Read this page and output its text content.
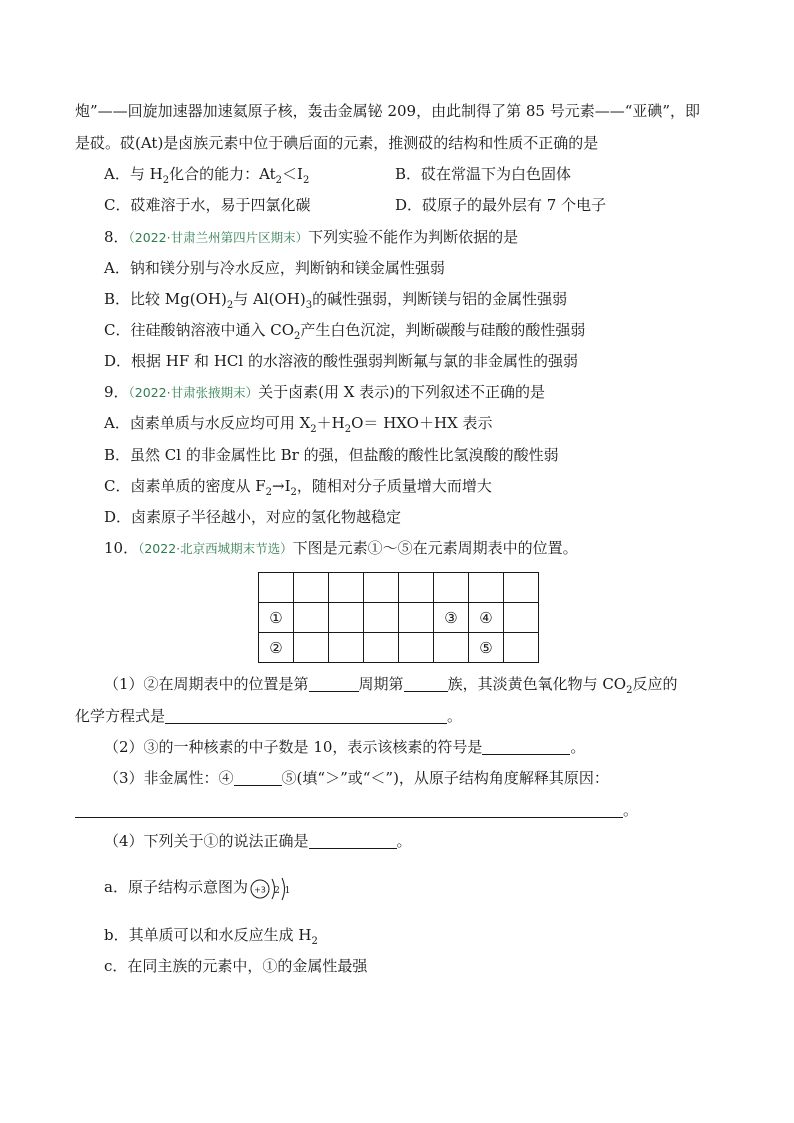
炮”——回旋加速器加速氦原子核，轰击金属铋 209，由此制得了第 85 号元素——“亚碘”，即
是砹。砹(At)是卤族元素中位于碘后面的元素，推测砹的结构和性质不正确的是
A．与 $H_2$化合的能力：$At_2<I_2$	B．砹在常温下为白色固体
C．砹难溶于水，易于四氯化碳	D．砹原子的最外层有 7 个电子
8．（2022·甘肃兰州第四片区期末）下列实验不能作为判断依据的是
A．钠和镁分别与冷水反应，判断钠和镁金属性强弱
B．比较 $Mg(OH)_2$与 $Al(OH)_3$的碱性强弱，判断镁与铝的金属性强弱
C．往硅酸钠溶液中通入 $CO_2$产生白色沉淀，判断碳酸与硅酸的酸性强弱
D．根据 HF 和 HCl 的水溶液的酸性强弱判断氟与氯的非金属性的强弱
9．（2022·甘肃张掖期末）关于卤素(用 X 表示)的下列叙述不正确的是
A．卤素单质与水反应均可用 $X_2+H_2O= HXO+HX$ 表示
B．虽然 Cl 的非金属性比 Br 的强，但盐酸的酸性比氢溴酸的酸性弱
C．卤素单质的密度从 $F_2\to I_2$，随相对分子质量增大而增大
D．卤素原子半径越小，对应的氢化物越稳定
10．（2022·北京西城期末节选）下图是元素①～⑤在元素周期表中的位置。

①					③	④	
②						⑤	
（1）②在周期表中的位置是第	周期第	族，其淡黄色氧化物与 $CO_2$反应的
化学方程式是	。
（2）③的一种核素的中子数是 10，表示该核素的符号是	。
（3）非金属性：④	⑤(填“＞”或“＜”)，从原子结构角度解释其原因：
。
（4）下列关于①的说法正确是	。
a．原子结构示意图为 +3 2 1
b．其单质可以和水反应生成 $H_2$
c．在同主族的元素中，①的金属性最强
